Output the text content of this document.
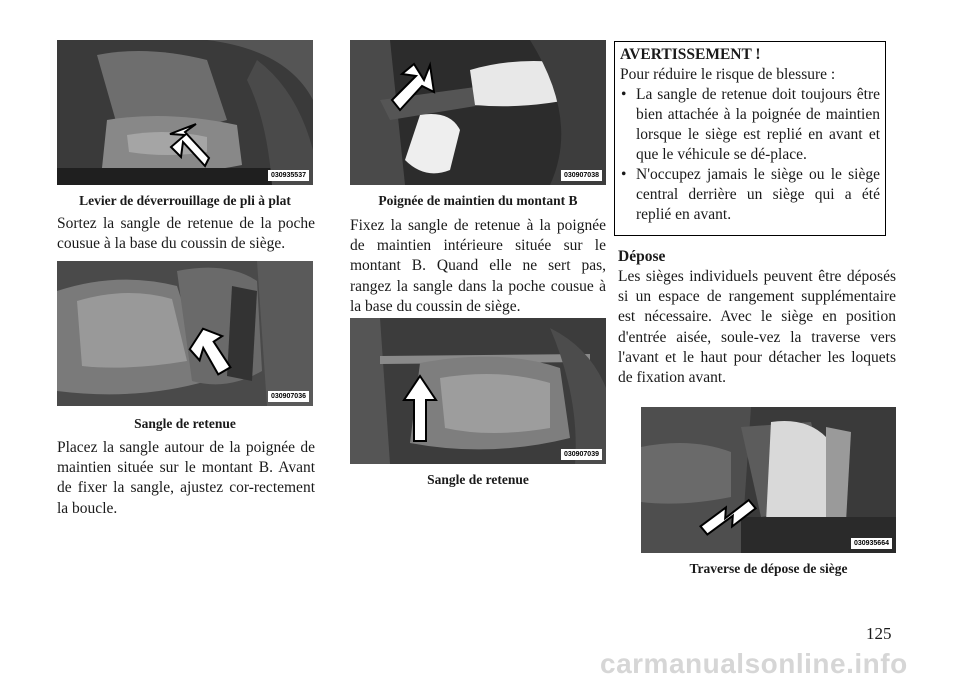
030935537
Levier de déverrouillage de pli à plat

Sortez la sangle de retenue de la poche cousue à la base du coussin de siège.

030907036
Sangle de retenue

Placez la sangle autour de la poignée de maintien située sur le montant B. Avant de fixer la sangle, ajustez cor-rectement la boucle.

030907038
Poignée de maintien du montant B

Fixez la sangle de retenue à la poignée de maintien intérieure située sur le montant B. Quand elle ne sert pas, rangez la sangle dans la poche cousue à la base du coussin de siège.

030907039
Sangle de retenue
AVERTISSEMENT !
Pour réduire le risque de blessure :
• La sangle de retenue doit toujours être bien attachée à la poignée de maintien lorsque le siège est replié en avant et que le véhicule se dé-place.
• N'occupez jamais le siège ou le siège central derrière un siège qui a été replié en avant.
Dépose

Les sièges individuels peuvent être déposés si un espace de rangement supplémentaire est nécessaire. Avec le siège en position d'entrée aisée, soule-vez la traverse vers l'avant et le haut pour détacher les loquets de fixation avant.

030935664
Traverse de dépose de siège
125
carmanualsonline.info
